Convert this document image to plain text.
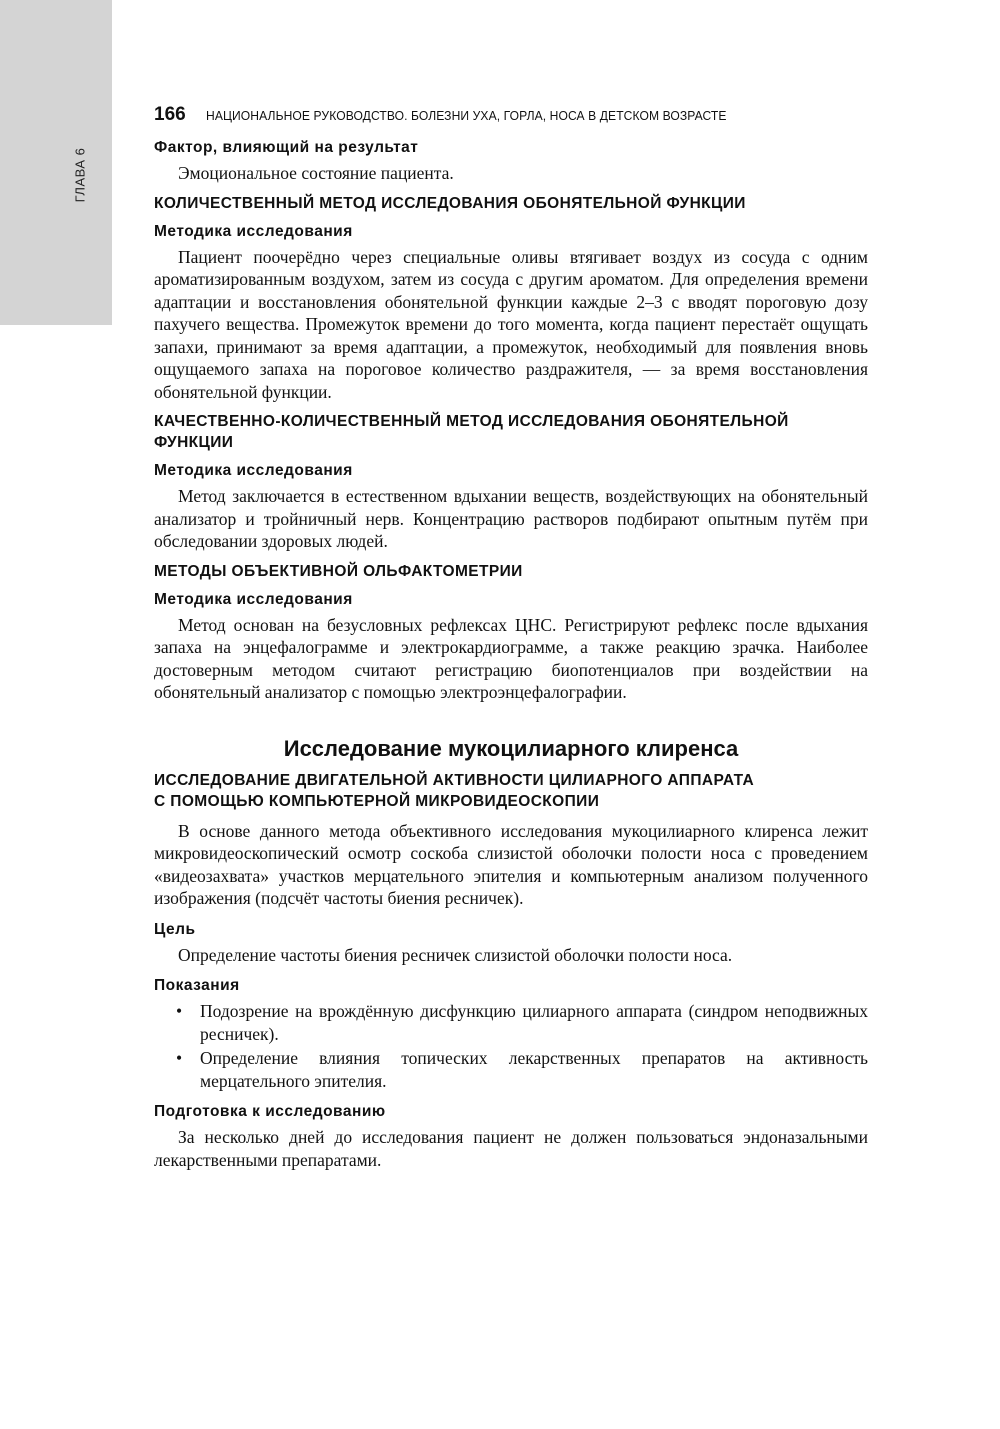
ГЛАВА 6
166 НАЦИОНАЛЬНОЕ РУКОВОДСТВО. БОЛЕЗНИ УХА, ГОРЛА, НОСА В ДЕТСКОМ ВОЗРАСТЕ
Фактор, влияющий на результат

Эмоциональное состояние пациента.

КОЛИЧЕСТВЕННЫЙ МЕТОД ИССЛЕДОВАНИЯ ОБОНЯТЕЛЬНОЙ ФУНКЦИИ
Методика исследования

Пациент поочерёдно через специальные оливы втягивает воздух из сосуда с одним ароматизированным воздухом, затем из сосуда с другим ароматом. Для определения времени адаптации и восстановления обонятельной функции каждые 2–3 с вводят пороговую дозу пахучего вещества. Промежуток времени до того момента, когда пациент перестаёт ощущать запахи, принимают за время адаптации, а промежуток, необходимый для появления вновь ощущаемого запаха на пороговое количество раздражителя, — за время восстановления обонятельной функции.

КАЧЕСТВЕННО-КОЛИЧЕСТВЕННЫЙ МЕТОД ИССЛЕДОВАНИЯ ОБОНЯТЕЛЬНОЙ
ФУНКЦИИ
Методика исследования

Метод заключается в естественном вдыхании веществ, воздействующих на обонятельный анализатор и тройничный нерв. Концентрацию растворов подбирают опытным путём при обследовании здоровых людей.

МЕТОДЫ ОБЪЕКТИВНОЙ ОЛЬФАКТОМЕТРИИ
Методика исследования

Метод основан на безусловных рефлексах ЦНС. Регистрируют рефлекс после вдыхания запаха на энцефалограмме и электрокардиограмме, а также реакцию зрачка. Наиболее достоверным методом считают регистрацию биопотенциалов при воздействии на обонятельный анализатор с помощью электроэнцефалографии.

Исследование мукоцилиарного клиренса
ИССЛЕДОВАНИЕ ДВИГАТЕЛЬНОЙ АКТИВНОСТИ ЦИЛИАРНОГО АППАРАТА
С ПОМОЩЬЮ КОМПЬЮТЕРНОЙ МИКРОВИДЕОСКОПИИ

В основе данного метода объективного исследования мукоцилиарного клиренса лежит микровидеоскопический осмотр соскоба слизистой оболочки полости носа с проведением «видеозахвата» участков мерцательного эпителия и компьютерным анализом полученного изображения (подсчёт частоты биения ресничек).

Цель

Определение частоты биения ресничек слизистой оболочки полости носа.

Показания
• Подозрение на врождённую дисфункцию цилиарного аппарата (синдром неподвижных ресничек).
• Определение влияния топических лекарственных препаратов на активность мерцательного эпителия.
Подготовка к исследованию

За несколько дней до исследования пациент не должен пользоваться эндоназальными лекарственными препаратами.
